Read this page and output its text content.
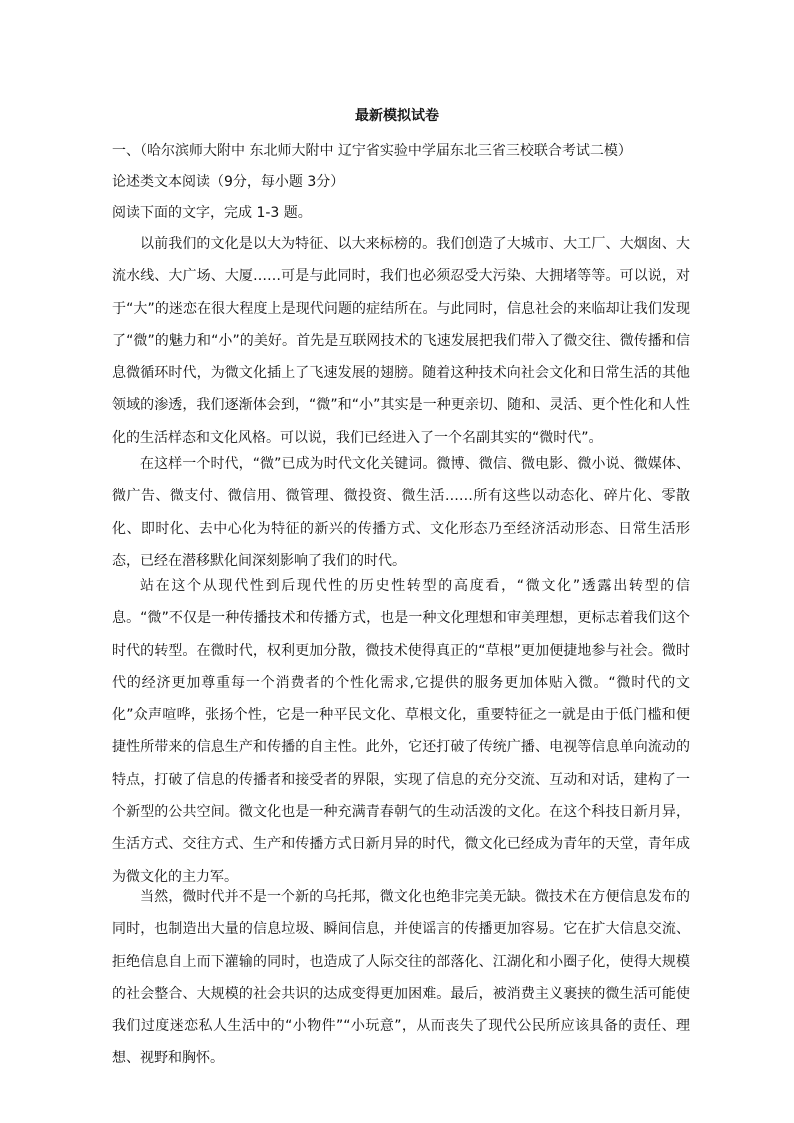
最新模拟试卷
一、（哈尔滨师大附中 东北师大附中 辽宁省实验中学届东北三省三校联合考试二模）
论述类文本阅读（9分，每小题 3分）
阅读下面的文字，完成 1-3 题。

以前我们的文化是以大为特征、以大来标榜的。我们创造了大城市、大工厂、大烟囱、大流水线、大广场、大厦……可是与此同时，我们也必须忍受大污染、大拥堵等等。可以说，对于“大”的迷恋在很大程度上是现代问题的症结所在。与此同时，信息社会的来临却让我们发现了“微”的魅力和“小”的美好。首先是互联网技术的飞速发展把我们带入了微交往、微传播和信息微循环时代，为微文化插上了飞速发展的翅膀。随着这种技术向社会文化和日常生活的其他领域的渗透，我们逐渐体会到，“微”和“小”其实是一种更亲切、随和、灵活、更个性化和人性化的生活样态和文化风格。可以说，我们已经进入了一个名副其实的“微时代”。

在这样一个时代，“微”已成为时代文化关键词。微博、微信、微电影、微小说、微媒体、微广告、微支付、微信用、微管理、微投资、微生活……所有这些以动态化、碎片化、零散化、即时化、去中心化为特征的新兴的传播方式、文化形态乃至经济活动形态、日常生活形态，已经在潜移默化间深刻影响了我们的时代。

站在这个从现代性到后现代性的历史性转型的高度看，“微文化”透露出转型的信息。“微”不仅是一种传播技术和传播方式，也是一种文化理想和审美理想，更标志着我们这个时代的转型。在微时代，权利更加分散，微技术使得真正的“草根”更加便捷地参与社会。微时代的经济更加尊重每一个消费者的个性化需求,它提供的服务更加体贴入微。“微时代的文化”众声喧哗，张扬个性，它是一种平民文化、草根文化，重要特征之一就是由于低门槛和便捷性所带来的信息生产和传播的自主性。此外，它还打破了传统广播、电视等信息单向流动的特点，打破了信息的传播者和接受者的界限，实现了信息的充分交流、互动和对话，建构了一个新型的公共空间。微文化也是一种充满青春朝气的生动活泼的文化。在这个科技日新月异，生活方式、交往方式、生产和传播方式日新月异的时代，微文化已经成为青年的天堂，青年成为微文化的主力军。

当然，微时代并不是一个新的乌托邦，微文化也绝非完美无缺。微技术在方便信息发布的同时，也制造出大量的信息垃圾、瞬间信息，并使谣言的传播更加容易。它在扩大信息交流、拒绝信息自上而下灌输的同时，也造成了人际交往的部落化、江湖化和小圈子化，使得大规模的社会整合、大规模的社会共识的达成变得更加困难。最后，被消费主义裹挟的微生活可能使我们过度迷恋私人生活中的“小物件”“小玩意”，从而丧失了现代公民所应该具备的责任、理想、视野和胸怀。
